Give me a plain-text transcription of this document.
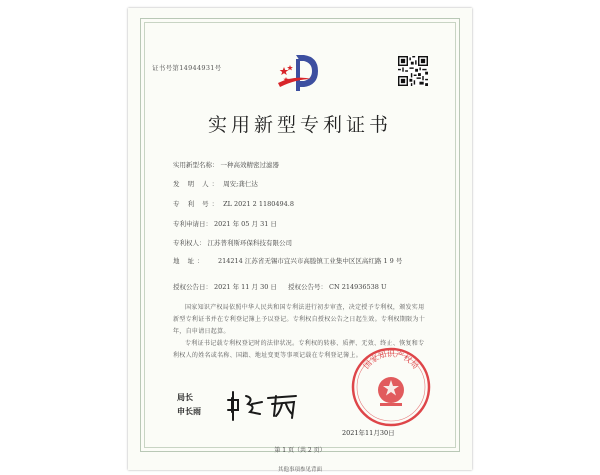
证书号第14944931号
实用新型专利证书
实用新型名称： 一种高效精密过滤器
发 明 人： 周安;龚仁达
专 利 号： ZL 2021 2 1180494.8
专利申请日： 2021 年 05 月 31 日
专利权人： 江苏普利斯环保科技有限公司
地 址： 214214 江苏省无锡市宜兴市高塍镇工业集中区区高红路 1 9 号
授权公告日： 2021 年 11 月 30 日 授权公告号： CN 214936538 U
国家知识产权局依照中华人民共和国专利法进行初步审查，决定授予专利权，颁发实用新型专利证书并在专利登记簿上予以登记。专利权自授权公告之日起生效。专利权期限为十年，自申请日起算。
专利证书记载专利权登记时的法律状况。专利权的转移、质押、无效、终止、恢复和专利权人的姓名或名称、国籍、地址变更等事项记载在专利登记簿上。
局长
申长雨
国家知识产权局
2021年11月30日
第 1 页（共 2 页）
其他事项参见背面
